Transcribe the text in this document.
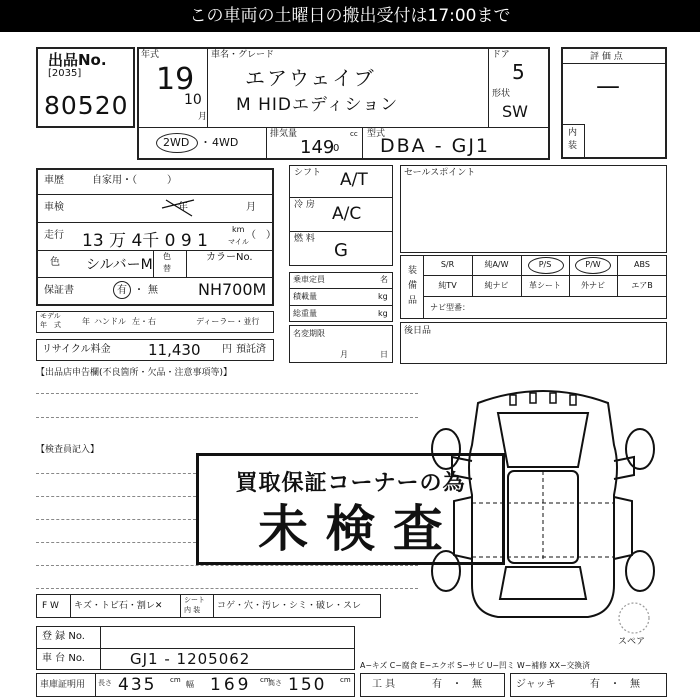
この車両の土曜日の搬出受付は17:00まで
出品No.
[2035]
80520
年式
19
10
月
車名・グレード
エアウェイブ
M HIDエディション
ドア
5
形状
SW
2WD ・ 4WD
排気量
149
0
cc 型式
DBA - GJ1
評 価 点
—
内
装
車歴	自家用・（　　　）
車検	年	月
走行 13 万 4千 0 9 1
km
マイル
（　）
色 シルバーM
色
替
カラーNo.
保証書	有 ・ 無	NH700M
モデル
年　式	年 ハンドル 左・右	ディーラー・並行
リサイクル料金 11,430 円 預託済
シフト A/T
冷 房 A/C
燃 料
G
乗車定員	名
積載量	kg
総重量	kg
名変期限
月	日
セールスポイント
装
備
品
S/R	純A/W	P/S	P/W	ABS
純TV	純ナビ	革シート	外ナビ	エアB
ナビ型番：
後日品
【出品店申告欄(不良箇所・欠品・注意事項等)】
【検査員記入】
買取保証コーナーの為
未 検 査
スペア
F W キズ・トビ石・割レ✕
シート
内 装 コゲ・穴・汚レ・シミ・破レ・スレ
登 録 No.
車 台 No.	GJ1 - 1205062
車庫証明用 長さ 435 cm 幅 169 cm
高さ 150 cm
A−キズ C−腐食 E−エクボ S−サビ U−凹ミ W−補修 XX−交換済
工 具	有 ・ 無	ジャッキ	有 ・ 無
